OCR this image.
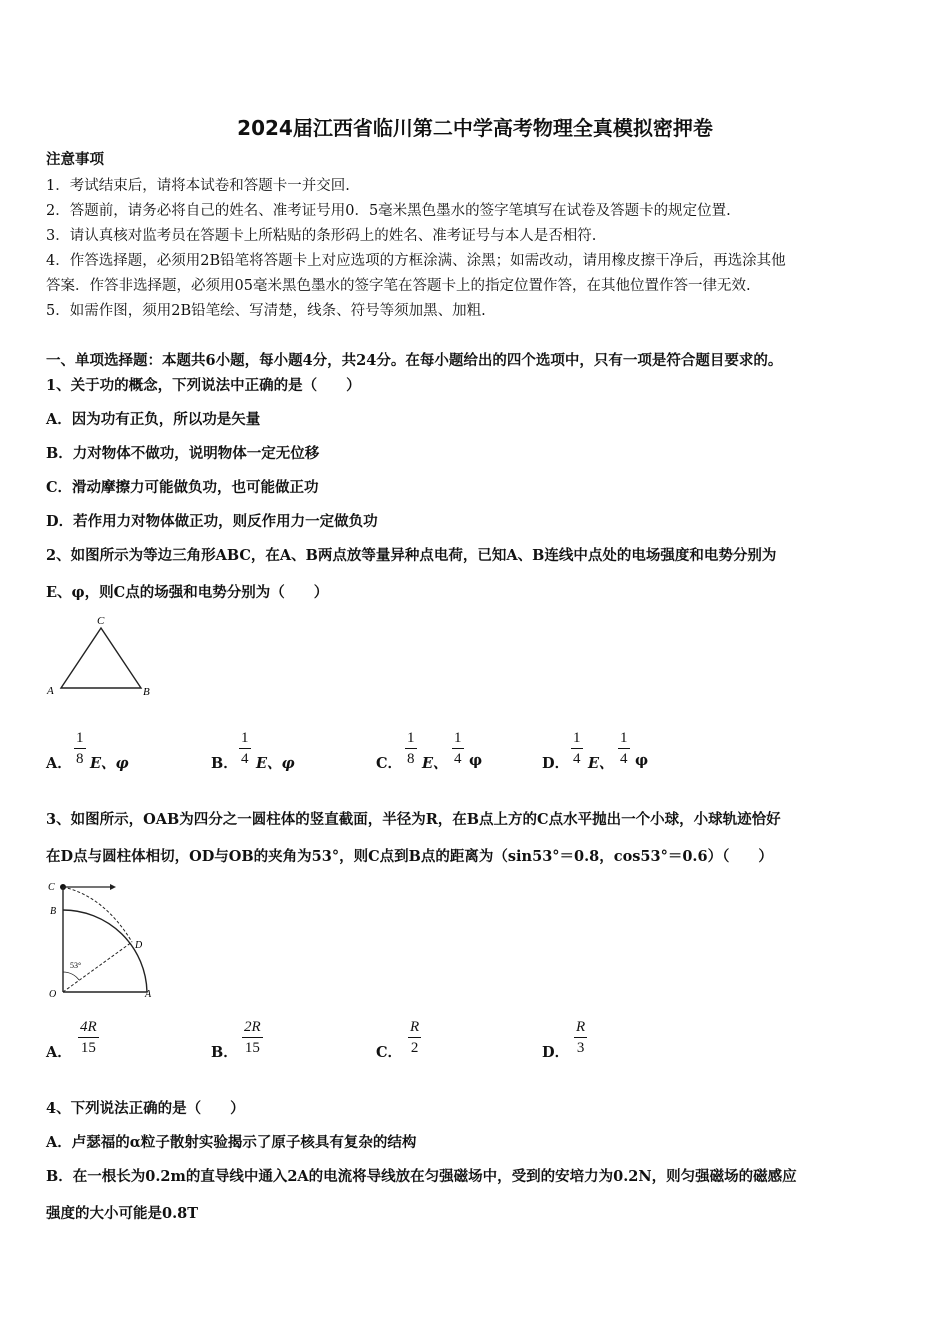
2024届江西省临川第二中学高考物理全真模拟密押卷
注意事项
1．考试结束后，请将本试卷和答题卡一并交回.
2．答题前，请务必将自己的姓名、准考证号用0．5毫米黑色墨水的签字笔填写在试卷及答题卡的规定位置.
3．请认真核对监考员在答题卡上所粘贴的条形码上的姓名、准考证号与本人是否相符.
4．作答选择题，必须用2B铅笔将答题卡上对应选项的方框涂满、涂黑；如需改动，请用橡皮擦干净后，再选涂其他
答案．作答非选择题，必须用05毫米黑色墨水的签字笔在答题卡上的指定位置作答，在其他位置作答一律无效.
5．如需作图，须用2B铅笔绘、写清楚，线条、符号等须加黑、加粗.
一、单项选择题：本题共6小题，每小题4分，共24分。在每小题给出的四个选项中，只有一项是符合题目要求的。
1、关于功的概念，下列说法中正确的是（　　）
A．因为功有正负，所以功是矢量
B．力对物体不做功，说明物体一定无位移
C．滑动摩擦力可能做负功，也可能做正功
D．若作用力对物体做正功，则反作用力一定做负功
2、如图所示为等边三角形ABC，在A、B两点放等量异种点电荷，已知A、B连线中点处的电场强度和电势分别为
E、φ，则C点的场强和电势分别为（　　）
C
A	B
A． $\frac{1}{8}$ E、φ	B． $\frac{1}{4}$ E、φ	C． $\frac{1}{8}$ E、 $\frac{1}{4}$ φ	D． $\frac{1}{4}$ E、 $\frac{1}{4}$ φ
3、如图所示，OAB为四分之一圆柱体的竖直截面，半径为R，在B点上方的C点水平抛出一个小球，小球轨迹恰好
在D点与圆柱体相切，OD与OB的夹角为53°，则C点到B点的距离为（sin53°＝0.8，cos53°＝0.6）（　　）
53°
C
B
D
O	A
A． $\frac{4R}{15}$	B． $\frac{2R}{15}$	C． $\frac{R}{2}$	D． $\frac{R}{3}$
4、下列说法正确的是（　　）
A．卢瑟福的α粒子散射实验揭示了原子核具有复杂的结构
B．在一根长为0.2m的直导线中通入2A的电流将导线放在匀强磁场中，受到的安培力为0.2N，则匀强磁场的磁感应
强度的大小可能是0.8T
